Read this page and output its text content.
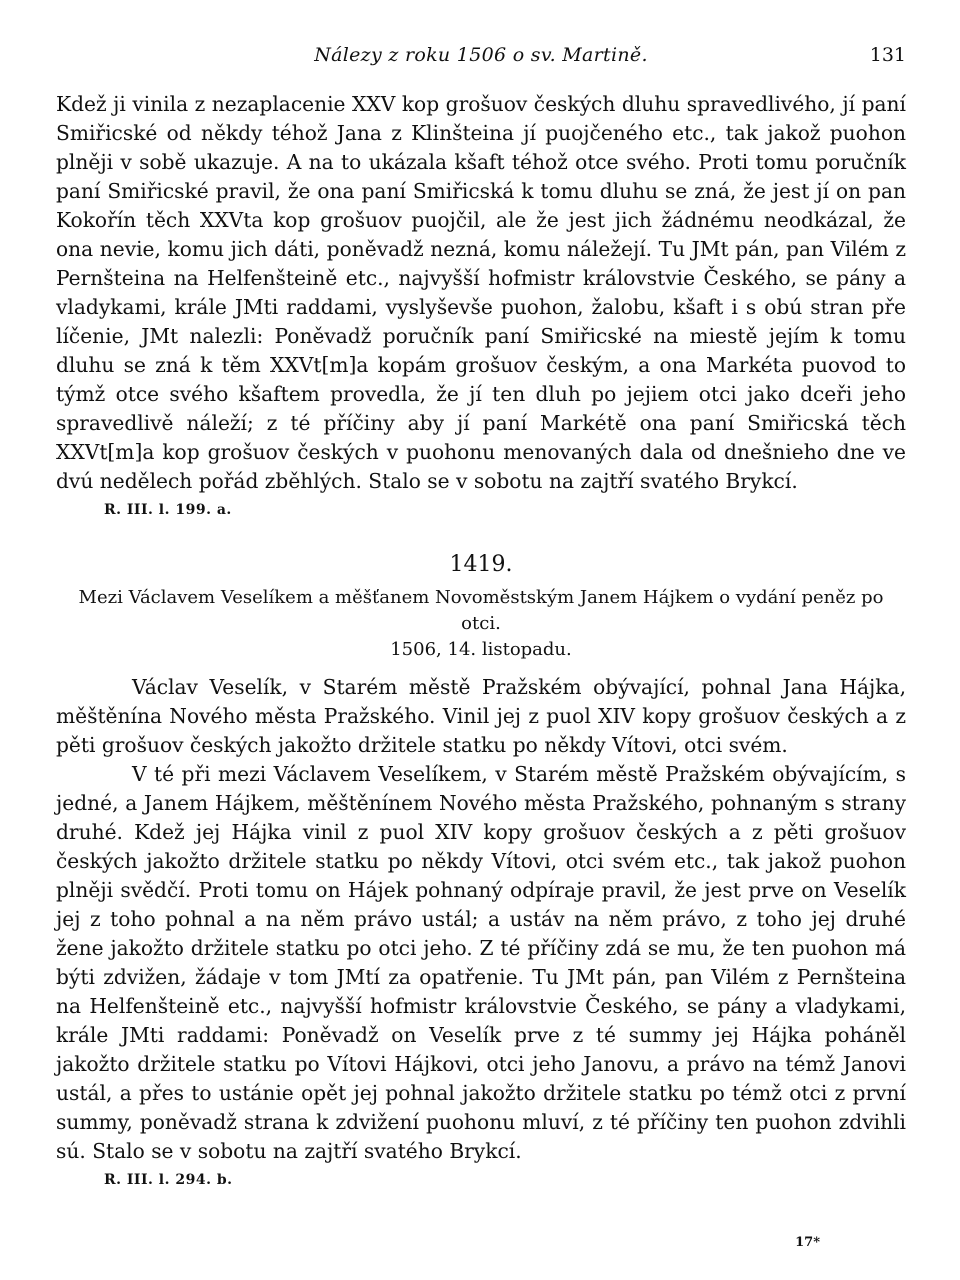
Nálezy z roku 1506 o sv. Martině.	131

Kdež ji vinila z nezaplacenie XXV kop grošuov českých dluhu spravedlivého, jí paní Smiřicské od někdy téhož Jana z Klinšteina jí puojčeného etc., tak jakož puohon plněji v sobě ukazuje. A na to ukázala kšaft téhož otce svého. Proti tomu poručník paní Smiřicské pravil, že ona paní Smiřicská k tomu dluhu se zná, že jest jí on pan Kokořín těch XXVta kop grošuov puojčil, ale že jest jich žádnému neodkázal, že ona nevie, komu jich dáti, poněvadž nezná, komu náležejí. Tu JMt pán, pan Vilém z Pernšteina na Helfenšteině etc., najvyšší hofmistr královstvie Českého, se pány a vladykami, krále JMti raddami, vyslyševše puohon, žalobu, kšaft i s obú stran pře líčenie, JMt nalezli: Poněvadž poručník paní Smiřicské na miestě jejím k tomu dluhu se zná k těm XXVt[m]a kopám grošuov českým, a ona Markéta puovod to týmž otce svého kšaftem provedla, že jí ten dluh po jejiem otci jako dceři jeho spravedlivě náleží; z té příčiny aby jí paní Markétě ona paní Smiřicská těch XXVt[m]a kop grošuov českých v puohonu menovaných dala od dnešnieho dne ve dvú nedělech pořád zběhlých. Stalo se v sobotu na zajtří svatého Brykcí.

R. III. l. 199. a.
1419.

Mezi Václavem Veselíkem a měšťanem Novoměstským Janem Hájkem o vydání peněz po otci.

1506, 14. listopadu.

Václav Veselík, v Starém městě Pražském obývající, pohnal Jana Hájka, měštěnína Nového města Pražského. Vinil jej z puol XIV kopy grošuov českých a z pěti grošuov českých jakožto držitele statku po někdy Vítovi, otci svém.

V té při mezi Václavem Veselíkem, v Starém městě Pražském obývajícím, s jedné, a Janem Hájkem, měštěnínem Nového města Pražského, pohnaným s strany druhé. Kdež jej Hájka vinil z puol XIV kopy grošuov českých a z pěti grošuov českých jakožto držitele statku po někdy Vítovi, otci svém etc., tak jakož puohon plněji svědčí. Proti tomu on Hájek pohnaný odpíraje pravil, že jest prve on Veselík jej z toho pohnal a na něm právo ustál; a ustáv na něm právo, z toho jej druhé žene jakožto držitele statku po otci jeho. Z té příčiny zdá se mu, že ten puohon má býti zdvižen, žádaje v tom JMtí za opatřenie. Tu JMt pán, pan Vilém z Pernšteina na Helfenšteině etc., najvyšší hofmistr královstvie Českého, se pány a vladykami, krále JMti raddami: Poněvadž on Veselík prve z té summy jej Hájka poháněl jakožto držitele statku po Vítovi Hájkovi, otci jeho Janovu, a právo na témž Janovi ustál, a přes to ustánie opět jej pohnal jakožto držitele statku po témž otci z první summy, poněvadž strana k zdvižení puohonu mluví, z té příčiny ten puohon zdvihli sú. Stalo se v sobotu na zajtří svatého Brykcí.

R. III. l. 294. b.
17*
